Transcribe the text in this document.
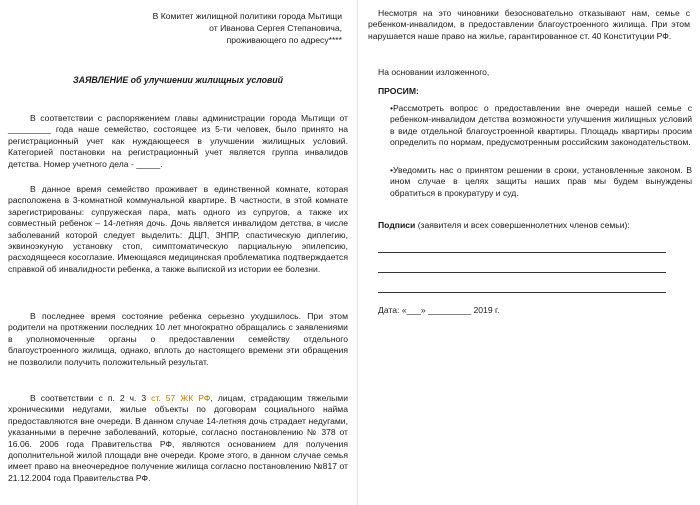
В Комитет жилищной политики города Мытищи
от Иванова Сергея Степановича,
проживающего по адресу****
ЗАЯВЛЕНИЕ об улучшении жилищных условий
В соответствии с распоряжением главы администрации города Мытищи от _________ года наше семейство, состоящее из 5-ти человек, было принято на регистрационный учет как нуждающееся в улучшении жилищных условий. Категорией постановки на регистрационный учет является группа инвалидов детства. Номер учетного дела - _____.
В данное время семейство проживает в единственной комнате, которая расположена в 3-комнатной коммунальной квартире. В частности, в этой комнате зарегистрированы: супружеская пара, мать одного из супругов, а также их совместный ребенок – 14-летняя дочь. Дочь является инвалидом детства, в числе заболеваний которой следует выделить: ДЦП, ЗНПР, спастическую диплегию, эквиноэкуную установку стоп, симптоматическую парциальную эпилепсию, расходящееся косоглазие. Имеющаяся медицинская проблематика подтверждается справкой об инвалидности ребенка, а также выпиской из истории ее болезни.
В последнее время состояние ребенка серьезно ухудшилось. При этом родители на протяжении последних 10 лет многократно обращались с заявлениями в уполномоченные органы о предоставлении семейству отдельного благоустроенного жилища, однако, вплоть до настоящего времени эти обращения не позволили получить положительный результат.
В соответствии с п. 2 ч. 3 ст. 57 ЖК РФ, лицам, страдающим тяжелыми хроническими недугами, жилые объекты по договорам социального найма предоставляются вне очереди. В данном случае 14-летняя дочь страдает недугами, указанными в перечне заболеваний, которые, согласно постановлению № 378 от 16.06. 2006 года Правительства РФ, являются основанием для получения дополнительной жилой площади вне очереди. Кроме этого, в данном случае семья имеет право на внеочередное получение жилища согласно постановлению №817 от 21.12.2004 года Правительства РФ.
Несмотря на это чиновники безосновательно отказывают нам, семье с ребенком-инвалидом, в предоставлении благоустроенного жилища. При этом нарушается наше право на жилье, гарантированное ст. 40 Конституции РФ.
На основании изложенного,
ПРОСИМ:
•Рассмотреть вопрос о предоставлении вне очереди нашей семье с ребенком-инвалидом детства возможности улучшения жилищных условий в виде отдельной благоустроенной квартиры. Площадь квартиры просим определить по нормам, предусмотренным российским законодательством.
•Уведомить нас о принятом решении в сроки, установленные законом. В ином случае в целях защиты наших прав мы будем вынуждены обратиться в прокуратуру и суд.
Подписи (заявителя и всех совершеннолетних членов семьи):
Дата: «___» _________ 2019 г.
